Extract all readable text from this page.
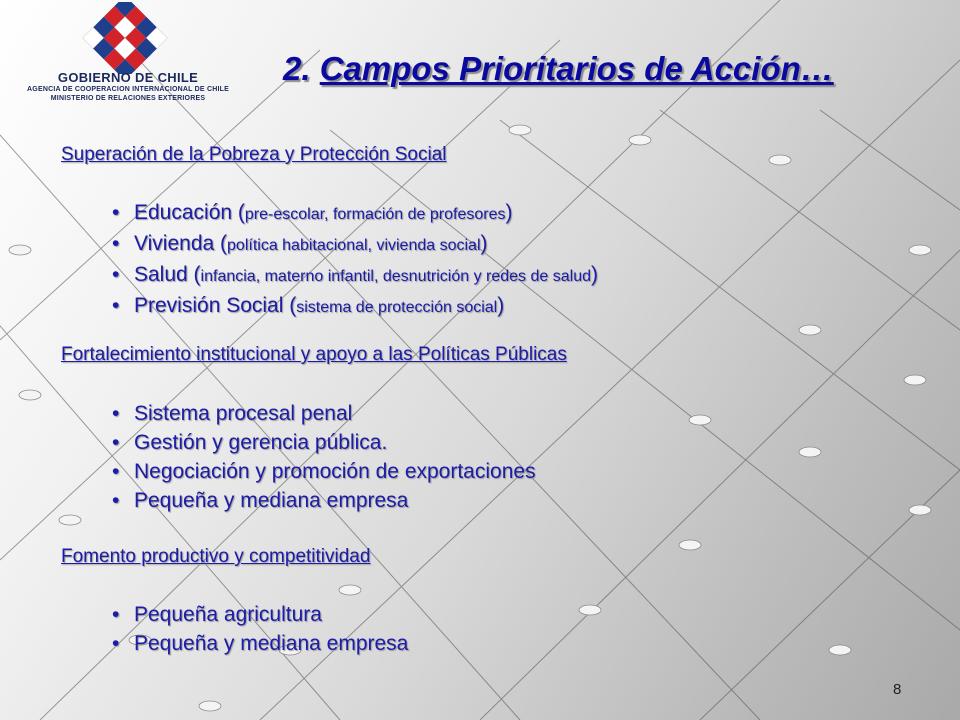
GOBIERNO DE CHILE
AGENCIA DE COOPERACION INTERNACIONAL DE CHILE
MINISTERIO DE RELACIONES EXTERIORES
2. Campos Prioritarios de Acción…
Superación de la Pobreza y Protección Social
• Educación (pre-escolar, formación de profesores)
• Vivienda (política habitacional, vivienda social)
• Salud (infancia, materno infantil, desnutrición y redes de salud)
• Previsión Social (sistema de protección social)
Fortalecimiento institucional y apoyo a las Políticas Públicas
• Sistema procesal penal
• Gestión y gerencia pública.
• Negociación y promoción de exportaciones
• Pequeña y mediana empresa
Fomento productivo y competitividad
• Pequeña agricultura
• Pequeña y mediana empresa
8
